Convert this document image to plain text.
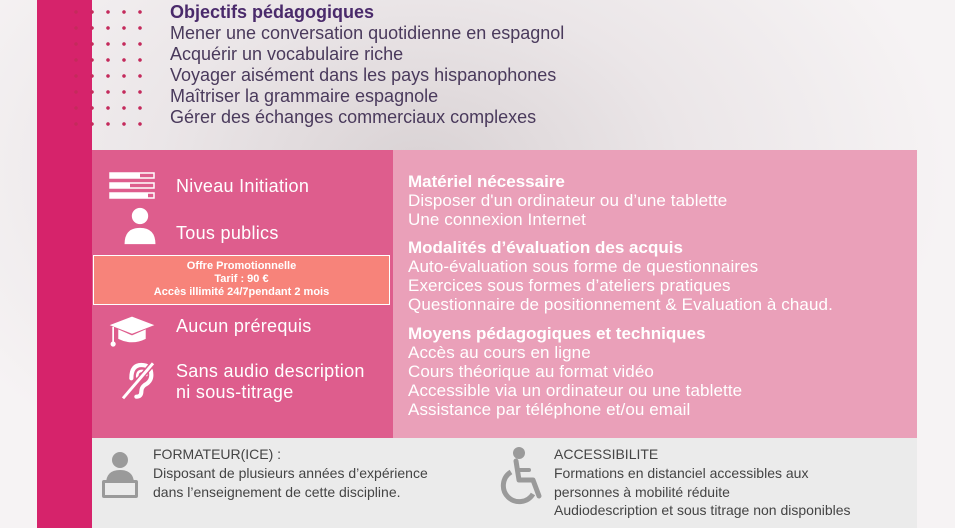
Objectifs pédagogiques
Mener une conversation quotidienne en espagnol
Acquérir un vocabulaire riche
Voyager aisément dans les pays hispanophones
Maîtriser la grammaire espagnole
Gérer des échanges commerciaux complexes
Niveau Initiation
Tous publics
Aucun prérequis
Sans audio description
ni sous-titrage
Offre Promotionnelle
Tarif : 90 €
Accès illimité 24/7pendant 2 mois
Matériel nécessaire
Disposer d'un ordinateur ou d’une tablette
Une connexion Internet
Modalités d’évaluation des acquis
Auto-évaluation sous forme de questionnaires
Exercices sous formes d’ateliers pratiques
Questionnaire de positionnement & Evaluation à chaud.
Moyens pédagogiques et techniques
Accès au cours en ligne
Cours théorique au format vidéo
Accessible via un ordinateur ou une tablette
Assistance par téléphone et/ou email
FORMATEUR(ICE) :
Disposant de plusieurs années d’expérience
dans l’enseignement de cette discipline.
ACCESSIBILITE
Formations en distanciel accessibles aux
personnes à mobilité réduite
Audiodescription et sous titrage non disponibles
